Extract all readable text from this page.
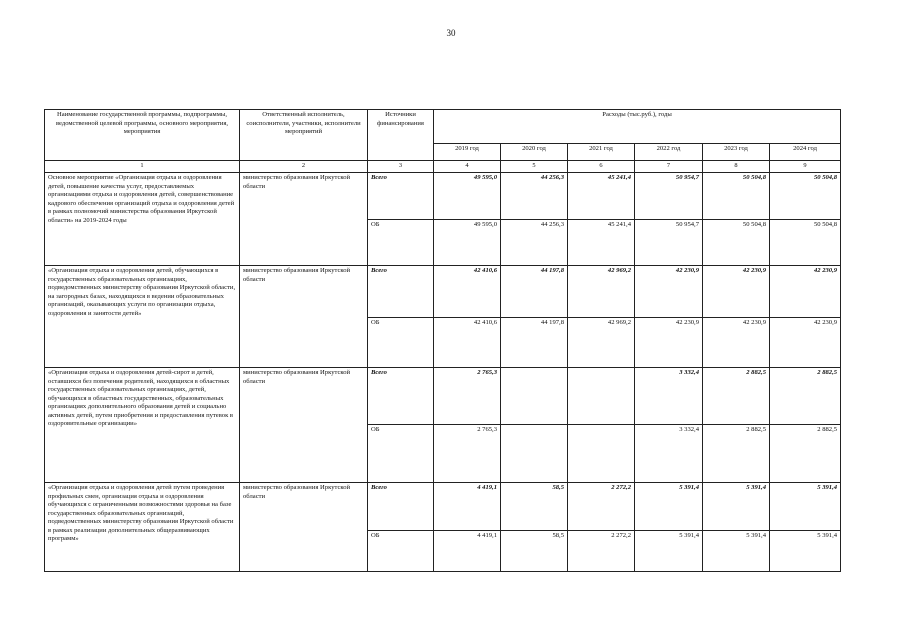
30
Наименование государственной программы, подпрограммы, ведомственной целевой программы, основного мероприятия, мероприятия	Ответственный исполнитель, соисполнители, участники, исполнители мероприятий	Источники финансирования	Расходы (тыс.руб.), годы					
			2019 год	2020 год	2021 год	2022 год	2023 год	2024 год
1	2	3	4	5	6	7	8	9
Основное мероприятие «Организация отдыха и оздоровления детей, повышение качества услуг, предоставляемых организациями отдыха и оздоровления детей, совершенствование кадрового обеспечения организаций отдыха и оздоровления детей в рамках полномочий министерства образования Иркутской области» на 2019-2024 годы	министерство образования Иркутской области	Всего	49 595,0	44 256,3	45 241,4	50 954,7	50 504,8	50 504,8
		ОБ	49 595,0	44 256,3	45 241,4	50 954,7	50 504,8	50 504,8
«Организация отдыха и оздоровления детей, обучающихся в государственных образовательных организациях, подведомственных министерству образования Иркутской области, на загородных базах, находящихся в ведении образовательных организаций, оказывающих услуги по организации отдыха, оздоровления и занятости детей»	министерство образования Иркутской области	Всего	42 410,6	44 197,8	42 969,2	42 230,9	42 230,9	42 230,9
		ОБ	42 410,6	44 197,8	42 969,2	42 230,9	42 230,9	42 230,9
«Организация отдыха и оздоровления детей-сирот и детей, оставшихся без попечения родителей, находящихся в областных государственных образовательных организациях, детей, обучающихся в областных государственных, образовательных организациях дополнительного образования детей и социально активных детей, путем приобретения и предоставления путевок в оздоровительные организации»	министерство образования Иркутской области	Всего	2 765,3			3 332,4	2 882,5	2 882,5
		ОБ	2 765,3			3 332,4	2 882,5	2 882,5
«Организация отдыха и оздоровления детей путем проведения профильных смен, организация отдыха и оздоровления обучающихся с ограниченными возможностями здоровья на базе государственных образовательных организаций, подведомственных министерству образования Иркутской области в рамках реализации дополнительных общеразвивающих программ»	министерство образования Иркутской области	Всего	4 419,1	58,5	2 272,2	5 391,4	5 391,4	5 391,4
		ОБ	4 419,1	58,5	2 272,2	5 391,4	5 391,4	5 391,4
